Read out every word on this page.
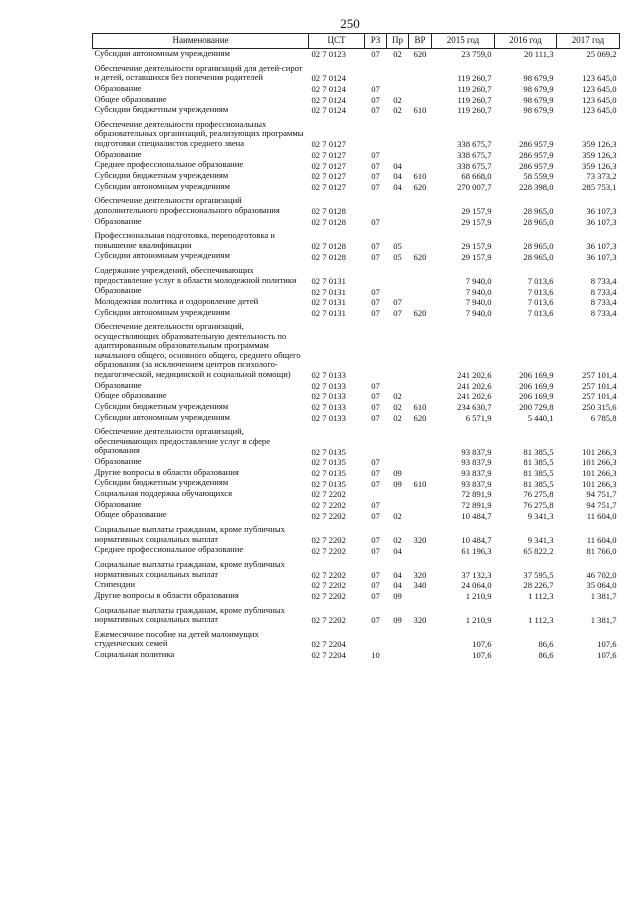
250
Наименование	ЦСТ	РЗ	Пр	ВР	2015 год	2016 год	2017 год
Субсидии автономным учреждениям	02 7 0123	07	02	620	23 759,0	20 111,3	25 069,2
Обеспечение деятельности организаций для детей-сирот и детей, оставшихся без попечения родителей	02 7 0124				119 260,7	98 679,9	123 645,0
Образование	02 7 0124	07			119 260,7	98 679,9	123 645,0
Общее образование	02 7 0124	07	02		119 260,7	98 679,9	123 645,0
Субсидии бюджетным учреждениям	02 7 0124	07	02	610	119 260,7	98 679,9	123 645,0
Обеспечение деятельности профессиональных образовательных организаций, реализующих программы подготовки специалистов среднего звена	02 7 0127				338 675,7	286 957,9	359 126,3
Образование	02 7 0127	07			338 675,7	286 957,9	359 126,3
Среднее профессиональное образование	02 7 0127	07	04		338 675,7	286 957,9	359 126,3
Субсидии бюджетным учреждениям	02 7 0127	07	04	610	68 668,0	58 559,9	73 373,2
Субсидии автономным учреждениям	02 7 0127	07	04	620	270 007,7	228 398,0	285 753,1
Обеспечение деятельности организаций дополнительного профессионального образования	02 7 0128				29 157,9	28 965,0	36 107,3
Образование	02 7 0128	07			29 157,9	28 965,0	36 107,3
Профессиональная подготовка, переподготовка и повышение квалификации	02 7 0128	07	05		29 157,9	28 965,0	36 107,3
Субсидии автономным учреждениям	02 7 0128	07	05	620	29 157,9	28 965,0	36 107,3
Содержание учреждений, обеспечивающих предоставление услуг в области молодежной политики	02 7 0131				7 940,0	7 013,6	8 733,4
Образование	02 7 0131	07			7 940,0	7 013,6	8 733,4
Молодежная политика и оздоровление детей	02 7 0131	07	07		7 940,0	7 013,6	8 733,4
Субсидии автономным учреждениям	02 7 0131	07	07	620	7 940,0	7 013,6	8 733,4
Обеспечение деятельности организаций, осуществляющих образовательную деятельность по адаптированным образовательным программам начального общего, основного общего, среднего общего образования (за исключением центров психолого-педагогической, медицинской и социальной помощи)	02 7 0133				241 202,6	206 169,9	257 101,4
Образование	02 7 0133	07			241 202,6	206 169,9	257 101,4
Общее образование	02 7 0133	07	02		241 202,6	206 169,9	257 101,4
Субсидии бюджетным учреждениям	02 7 0133	07	02	610	234 630,7	200 729,8	250 315,6
Субсидии автономным учреждениям	02 7 0133	07	02	620	6 571,9	5 440,1	6 785,8
Обеспечение деятельности организаций, обеспечивающих предоставление услуг в сфере образования	02 7 0135				93 837,9	81 385,5	101 266,3
Образование	02 7 0135	07			93 837,9	81 385,5	101 266,3
Другие вопросы в области образования	02 7 0135	07	09		93 837,9	81 385,5	101 266,3
Субсидии бюджетным учреждениям	02 7 0135	07	09	610	93 837,9	81 385,5	101 266,3
Социальная поддержка обучающихся	02 7 2202				72 891,9	76 275,8	94 751,7
Образование	02 7 2202	07			72 891,9	76 275,8	94 751,7
Общее образование	02 7 2202	07	02		10 484,7	9 341,3	11 604,0
Социальные выплаты гражданам, кроме публичных нормативных социальных выплат	02 7 2202	07	02	320	10 484,7	9 341,3	11 604,0
Среднее профессиональное образование	02 7 2202	07	04		61 196,3	65 822,2	81 766,0
Социальные выплаты гражданам, кроме публичных нормативных социальных выплат	02 7 2202	07	04	320	37 132,3	37 595,5	46 702,0
Стипендии	02 7 2202	07	04	340	24 064,0	28 226,7	35 064,0
Другие вопросы в области образования	02 7 2202	07	09		1 210,9	1 112,3	1 381,7
Социальные выплаты гражданам, кроме публичных нормативных социальных выплат	02 7 2202	07	09	320	1 210,9	1 112,3	1 381,7
Ежемесячное пособие на детей малоимущих студенческих семей	02 7 2204				107,6	86,6	107,6
Социальная политика	02 7 2204	10			107,6	86,6	107,6
